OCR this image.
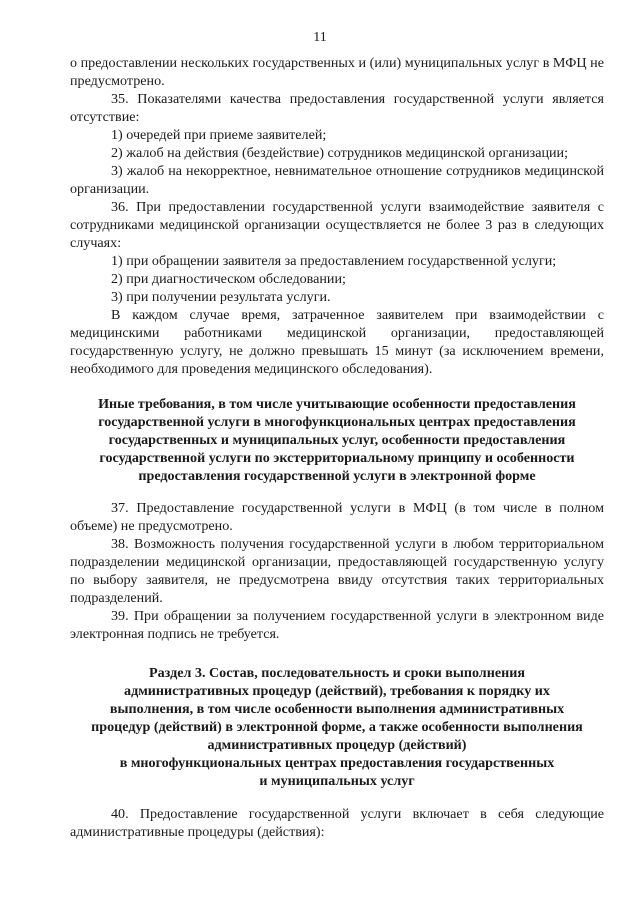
11

о предоставлении нескольких государственных и (или) муниципальных услуг в МФЦ не предусмотрено.

35. Показателями качества предоставления государственной услуги является отсутствие:

1) очередей при приеме заявителей;

2) жалоб на действия (бездействие) сотрудников медицинской организации;

3) жалоб на некорректное, невнимательное отношение сотрудников медицинской организации.

36. При предоставлении государственной услуги взаимодействие заявителя с сотрудниками медицинской организации осуществляется не более 3 раз в следующих случаях:

1) при обращении заявителя за предоставлением государственной услуги;

2) при диагностическом обследовании;

3) при получении результата услуги.

В каждом случае время, затраченное заявителем при взаимодействии с медицинскими работниками медицинской организации, предоставляющей государственную услугу, не должно превышать 15 минут (за исключением времени, необходимого для проведения медицинского обследования).

Иные требования, в том числе учитывающие особенности предоставления
государственной услуги в многофункциональных центрах предоставления
государственных и муниципальных услуг, особенности предоставления
государственной услуги по экстерриториальному принципу и особенности
предоставления государственной услуги в электронной форме

37. Предоставление государственной услуги в МФЦ (в том числе в полном объеме) не предусмотрено.

38. Возможность получения государственной услуги в любом территориальном подразделении медицинской организации, предоставляющей государственную услугу по выбору заявителя, не предусмотрена ввиду отсутствия таких территориальных подразделений.

39. При обращении за получением государственной услуги в электронном виде электронная подпись не требуется.

Раздел 3. Состав, последовательность и сроки выполнения
административных процедур (действий), требования к порядку их
выполнения, в том числе особенности выполнения административных
процедур (действий) в электронной форме, а также особенности выполнения
административных процедур (действий)
в многофункциональных центрах предоставления государственных
и муниципальных услуг

40. Предоставление государственной услуги включает в себя следующие административные процедуры (действия):
